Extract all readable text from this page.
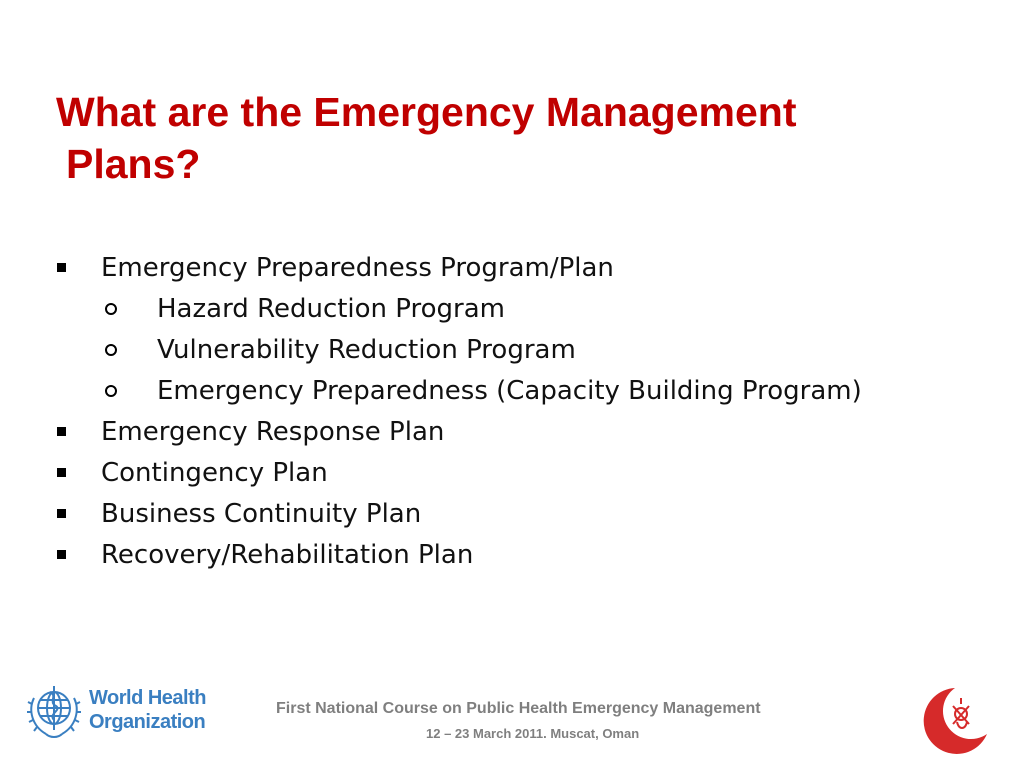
What are the Emergency Management
Plans?
Emergency Preparedness Program/Plan
Hazard Reduction Program
Vulnerability Reduction Program
Emergency Preparedness (Capacity Building Program)
Emergency Response Plan
Contingency Plan
Business Continuity Plan
Recovery/Rehabilitation Plan
World Health
Organization
First National Course on Public Health Emergency Management
12 – 23 March 2011. Muscat, Oman
